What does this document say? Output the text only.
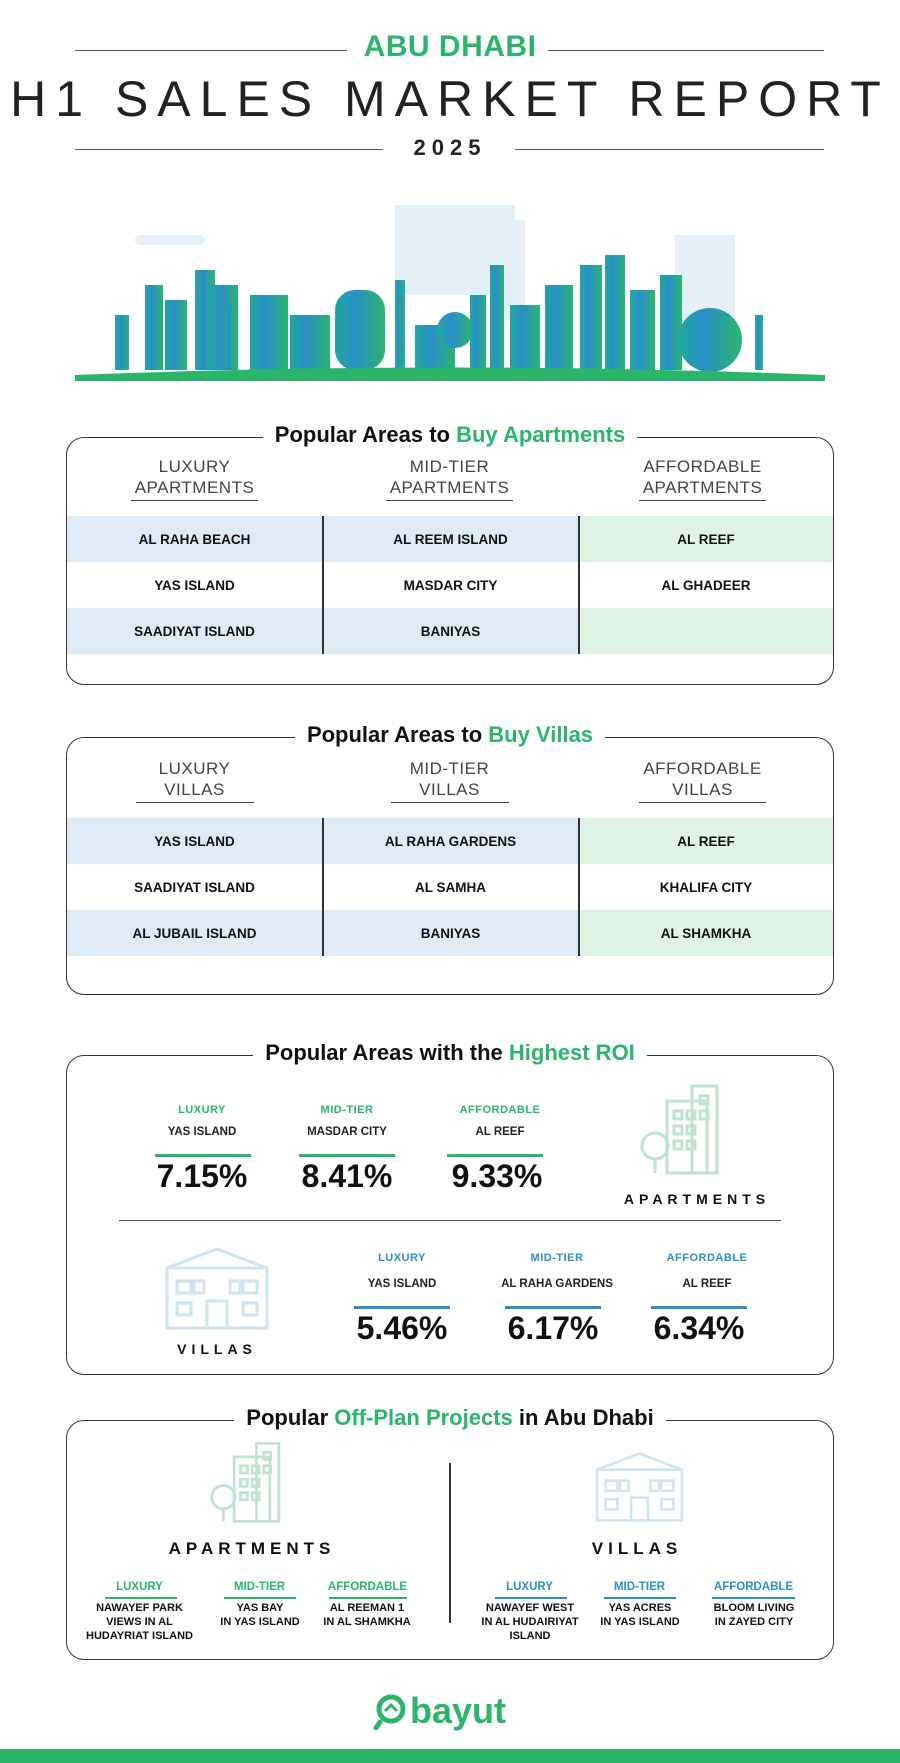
ABU DHABI
H1 SALES MARKET REPORT
2025
Popular Areas to Buy Apartments
LUXURY
APARTMENTS
MID-TIER
APARTMENTS
AFFORDABLE
APARTMENTS
AL RAHA BEACH	AL REEM ISLAND	AL REEF
YAS ISLAND	MASDAR CITY	AL GHADEER
SAADIYAT ISLAND	BANIYAS
Popular Areas to Buy Villas
LUXURY
VILLAS
MID-TIER
VILLAS
AFFORDABLE
VILLAS
YAS ISLAND	AL RAHA GARDENS	AL REEF
SAADIYAT ISLAND	AL SAMHA	KHALIFA CITY
AL JUBAIL ISLAND	BANIYAS	AL SHAMKHA
Popular Areas with the Highest ROI
LUXURY
YAS ISLAND
7.15%
MID-TIER
MASDAR CITY
8.41%
AFFORDABLE
AL REEF
9.33%
APARTMENTS
VILLAS
LUXURY
YAS ISLAND
5.46%
MID-TIER
AL RAHA GARDENS
6.17%
AFFORDABLE
AL REEF
6.34%
Popular Off-Plan Projects in Abu Dhabi
APARTMENTS	VILLAS
LUXURY
NAWAYEF PARK
VIEWS IN AL
HUDAYRIAT ISLAND
MID-TIER
YAS BAY
IN YAS ISLAND
AFFORDABLE
AL REEMAN 1
IN AL SHAMKHA
LUXURY
NAWAYEF WEST
IN AL HUDAIRIYAT
ISLAND
MID-TIER
YAS ACRES
IN YAS ISLAND
AFFORDABLE
BLOOM LIVING
IN ZAYED CITY
bayut
